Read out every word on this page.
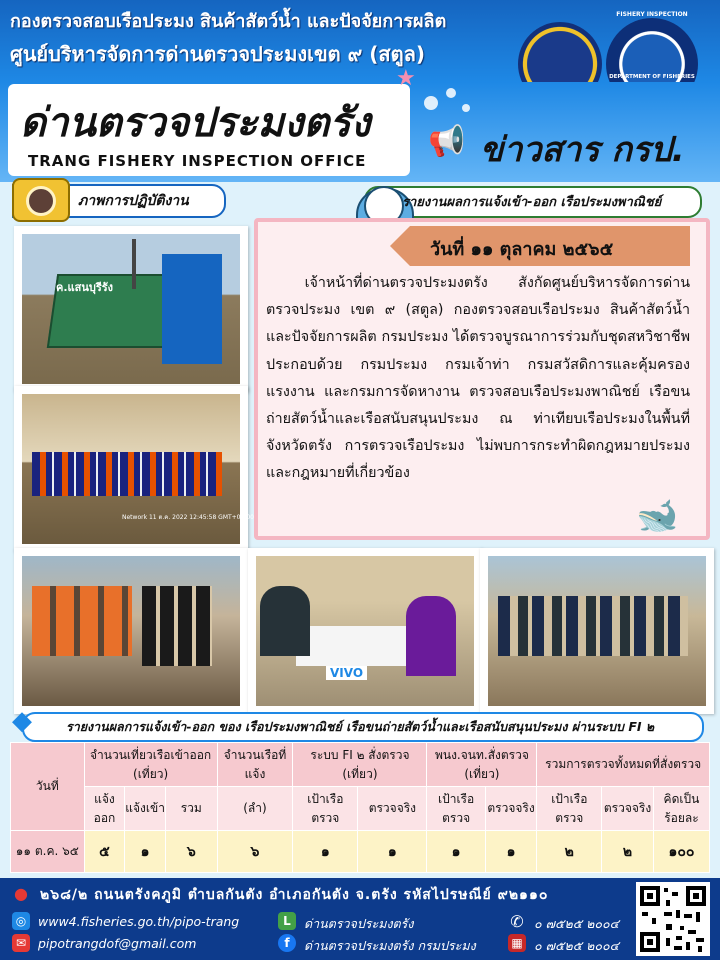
กองตรวจสอบเรือประมง สินค้าสัตว์น้ำ และปัจจัยการผลิต
ศูนย์บริหารจัดการด่านตรวจประมงเขต ๙ (สตูล)
FISHERY INSPECTION
DEPARTMENT OF FISHERIES
ด่านตรวจประมงตรัง
TRANG FISHERY INSPECTION OFFICE
★
📢 ข่าวสาร กรป.
ภาพการปฏิบัติงาน	รายงานผลการแจ้งเข้า-ออก เรือประมงพาณิชย์
ค.แสนบุรีรัง
Network 11 ต.ค. 2022 12:45:58 GMT+07:00
VIVO
วันที่ ๑๑ ตุลาคม ๒๕๖๕
เจ้าหน้าที่ด่านตรวจประมงตรัง สังกัดศูนย์บริหารจัดการด่านตรวจประมง เขต ๙ (สตูล) กองตรวจสอบเรือประมง สินค้าสัตว์น้ำ และปัจจัยการผลิต กรมประมง ได้ตรวจบูรณาการร่วมกับชุดสหวิชาชีพ ประกอบด้วย กรมประมง กรมเจ้าท่า กรมสวัสดิการและคุ้มครองแรงงาน และกรมการจัดหางาน ตรวจสอบเรือประมงพาณิชย์ เรือขนถ่ายสัตว์น้ำและเรือสนับสนุนประมง ณ ท่าเทียบเรือประมงในพื้นที่จังหวัดตรัง การตรวจเรือประมง ไม่พบการกระทำผิดกฎหมายประมงและกฎหมายที่เกี่ยวข้อง
🐋
◆	รายงานผลการแจ้งเข้า-ออก ของ เรือประมงพาณิชย์ เรือขนถ่ายสัตว์น้ำและเรือสนับสนุนประมง ผ่านระบบ FI ๒
วันที่	จำนวนเที่ยวเรือเข้าออก (เที่ยว)			จำนวนเรือที่แจ้ง	ระบบ FI ๒ สั่งตรวจ (เที่ยว)		พนง.จนท.สั่งตรวจ (เที่ยว)		รวมการตรวจทั้งหมดที่สั่งตรวจ		
	แจ้งออก	แจ้งเข้า	รวม	(ลำ)	เป้าเรือตรวจ	ตรวจจริง	เป้าเรือตรวจ	ตรวจจริง	เป้าเรือตรวจ	ตรวจจริง	คิดเป็นร้อยละ
๑๑ ต.ค. ๖๕	๕	๑	๖	๖	๑	๑	๑	๑	๒	๒	๑๐๐
● ๒๖๘/๒ ถนนตรังคภูมิ ตำบลกันตัง อำเภอกันตัง จ.ตรัง รหัสไปรษณีย์ ๙๒๑๑๐
◎ www4.fisheries.go.th/pipo-trang
✉ pipotrangdof@gmail.com
L	ด่านตรวจประมงตรัง
f	ด่านตรวจประมงตรัง กรมประมง
✆ ๐ ๗๕๒๕ ๒๐๐๔
▦ ๐ ๗๕๒๕ ๒๐๐๔
